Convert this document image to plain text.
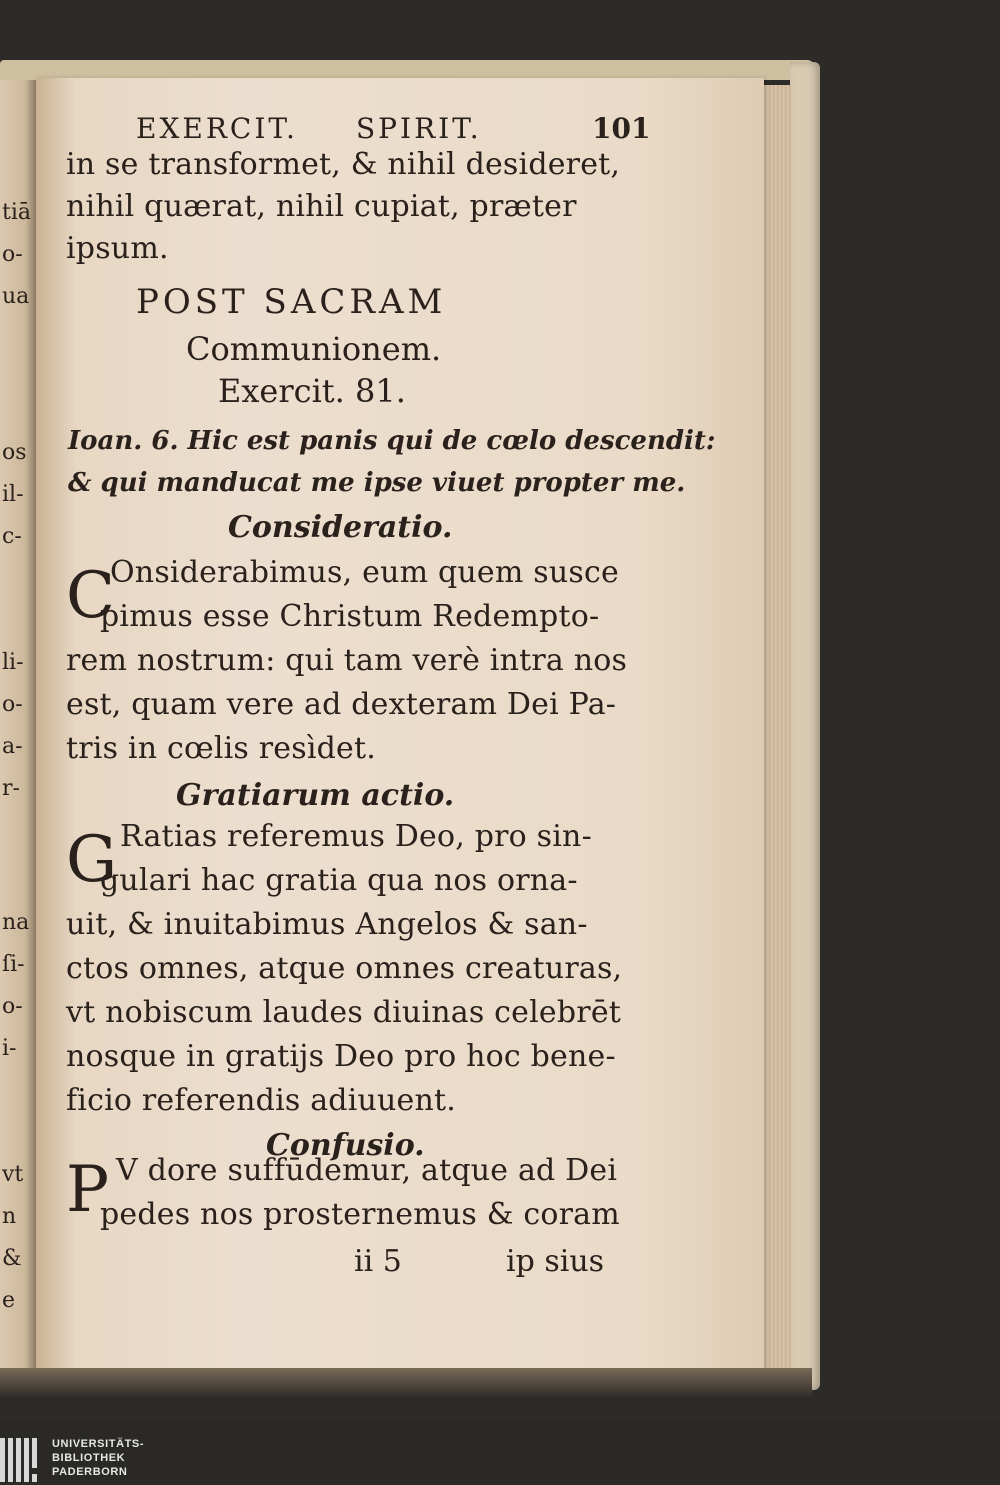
tiā
o-
ua
os
il-
c-
li-
o-
a-
r-
na
ſi-
o-
i-
vt
n
&
e
EXERCIT. SPIRIT.	101
in se transformet, & nihil desideret,
nihil quærat, nihil cupiat, præter
ipsum.
POST SACRAM
Communionem.
Exercit. 81.
Ioan. 6. Hic est panis qui de cœlo descendit:
& qui manducat me ipse viuet propter me.
Consideratio.
C
Onsiderabimus, eum quem susce
pimus esse Christum Redempto-
rem nostrum: qui tam verè intra nos
est, quam vere ad dexteram Dei Pa-
tris in cœlis resìdet.
Gratiarum actio.
G Ratias referemus Deo, pro sin-
gulari hac gratia qua nos orna-
uit, & inuitabimus Angelos & san-
ctos omnes, atque omnes creaturas,
vt nobiscum laudes diuinas celebrēt
nosque in gratijs Deo pro hoc bene-
ficio referendis adiuuent.
Confusio.
P V dore suffūdemur, atque ad Dei
pedes nos prosternemus & coram
ii 5	ip sius
UNIVERSITÄTS-
BIBLIOTHEK
PADERBORN
